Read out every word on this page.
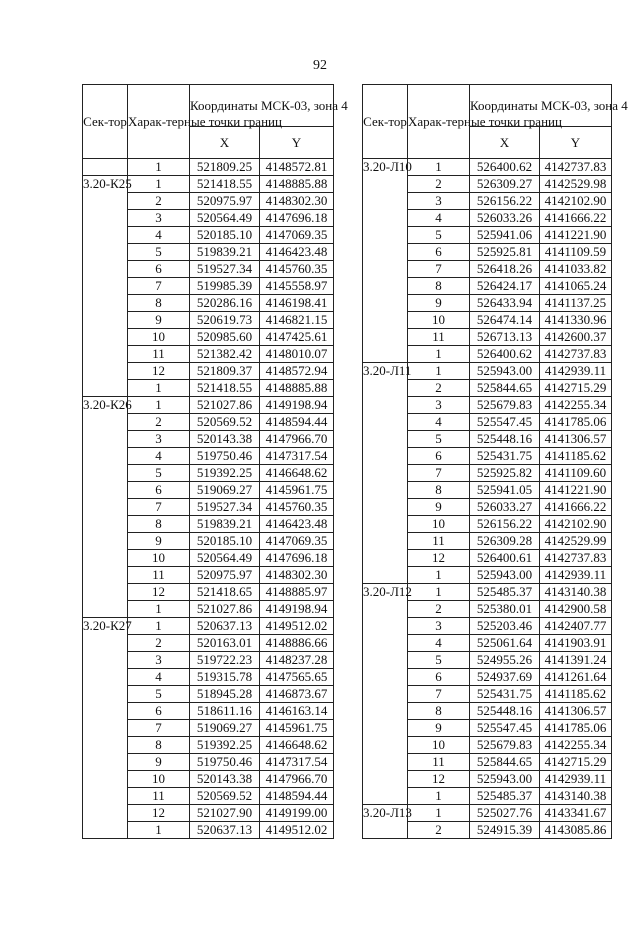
92
Сек-тор	Харак-терные точки границ	Координаты МСК-03, зона 4	
		X	Y
	1	521809.25	4148572.81
3.20-К25	1	521418.55	4148885.88
	2	520975.97	4148302.30
	3	520564.49	4147696.18
	4	520185.10	4147069.35
	5	519839.21	4146423.48
	6	519527.34	4145760.35
	7	519985.39	4145558.97
	8	520286.16	4146198.41
	9	520619.73	4146821.15
	10	520985.60	4147425.61
	11	521382.42	4148010.07
	12	521809.37	4148572.94
	1	521418.55	4148885.88
3.20-К26	1	521027.86	4149198.94
	2	520569.52	4148594.44
	3	520143.38	4147966.70
	4	519750.46	4147317.54
	5	519392.25	4146648.62
	6	519069.27	4145961.75
	7	519527.34	4145760.35
	8	519839.21	4146423.48
	9	520185.10	4147069.35
	10	520564.49	4147696.18
	11	520975.97	4148302.30
	12	521418.65	4148885.97
	1	521027.86	4149198.94
3.20-К27	1	520637.13	4149512.02
	2	520163.01	4148886.66
	3	519722.23	4148237.28
	4	519315.78	4147565.65
	5	518945.28	4146873.67
	6	518611.16	4146163.14
	7	519069.27	4145961.75
	8	519392.25	4146648.62
	9	519750.46	4147317.54
	10	520143.38	4147966.70
	11	520569.52	4148594.44
	12	521027.90	4149199.00
	1	520637.13	4149512.02
Сек-тор	Харак-терные точки границ	Координаты МСК-03, зона 4	
		X	Y
3.20-Л10	1	526400.62	4142737.83
	2	526309.27	4142529.98
	3	526156.22	4142102.90
	4	526033.26	4141666.22
	5	525941.06	4141221.90
	6	525925.81	4141109.59
	7	526418.26	4141033.82
	8	526424.17	4141065.24
	9	526433.94	4141137.25
	10	526474.14	4141330.96
	11	526713.13	4142600.37
	1	526400.62	4142737.83
3.20-Л11	1	525943.00	4142939.11
	2	525844.65	4142715.29
	3	525679.83	4142255.34
	4	525547.45	4141785.06
	5	525448.16	4141306.57
	6	525431.75	4141185.62
	7	525925.82	4141109.60
	8	525941.05	4141221.90
	9	526033.27	4141666.22
	10	526156.22	4142102.90
	11	526309.28	4142529.99
	12	526400.61	4142737.83
	1	525943.00	4142939.11
3.20-Л12	1	525485.37	4143140.38
	2	525380.01	4142900.58
	3	525203.46	4142407.77
	4	525061.64	4141903.91
	5	524955.26	4141391.24
	6	524937.69	4141261.64
	7	525431.75	4141185.62
	8	525448.16	4141306.57
	9	525547.45	4141785.06
	10	525679.83	4142255.34
	11	525844.65	4142715.29
	12	525943.00	4142939.11
	1	525485.37	4143140.38
3.20-Л13	1	525027.76	4143341.67
	2	524915.39	4143085.86
